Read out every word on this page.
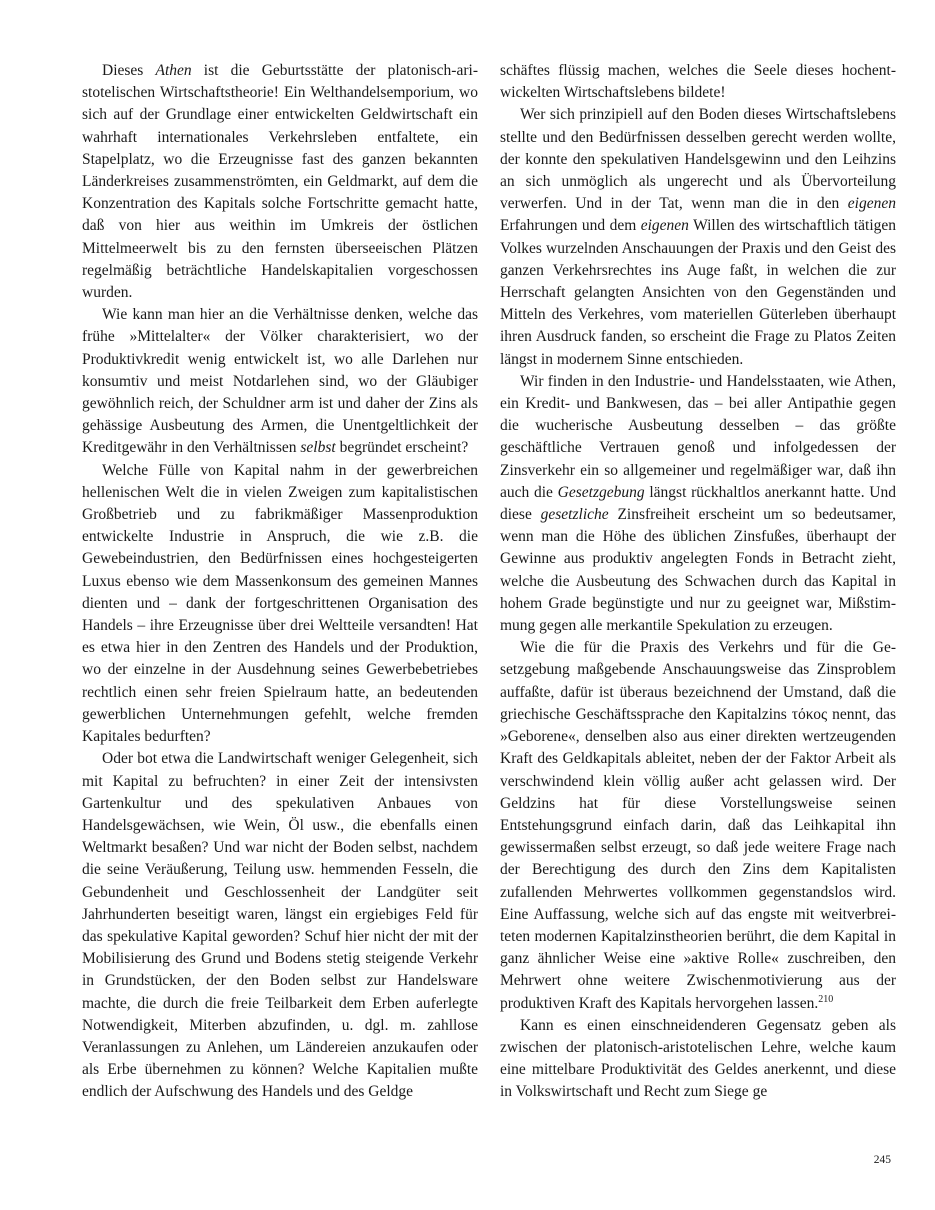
Dieses Athen ist die Geburtsstätte der platonisch-aristotelischen Wirtschaftstheorie! Ein Welthandelsemporium, wo sich auf der Grundlage einer entwickelten Geldwirtschaft ein wahrhaft internationales Verkehrsleben entfaltete, ein Stapelplatz, wo die Erzeugnisse fast des ganzen bekannten Länderkreises zusammenströmten, ein Geldmarkt, auf dem die Konzentration des Kapitals solche Fortschritte gemacht hatte, daß von hier aus weithin im Umkreis der östlichen Mittelmeerwelt bis zu den fernsten überseeischen Plätzen regelmäßig beträchtliche Handelskapitalien vorgeschossen wurden.

Wie kann man hier an die Verhältnisse denken, welche das frühe »Mittelalter« der Völker charakterisiert, wo der Produktivkredit wenig entwickelt ist, wo alle Darlehen nur konsumtiv und meist Notdarlehen sind, wo der Gläubiger gewöhnlich reich, der Schuldner arm ist und daher der Zins als gehässige Ausbeutung des Armen, die Unentgeltlichkeit der Kreditgewähr in den Verhältnissen selbst begründet erscheint?

Welche Fülle von Kapital nahm in der gewerbreichen hellenischen Welt die in vielen Zweigen zum kapitalistischen Großbetrieb und zu fabrikmäßiger Massenproduktion entwickelte Industrie in Anspruch, die wie z.B. die Gewebeindustrien, den Bedürfnissen eines hochgesteigerten Luxus ebenso wie dem Massenkonsum des gemeinen Mannes dienten und – dank der fortgeschrittenen Organisation des Handels – ihre Erzeugnisse über drei Weltteile versandten! Hat es etwa hier in den Zentren des Handels und der Produktion, wo der einzelne in der Ausdehnung seines Gewerbebetriebes rechtlich einen sehr freien Spielraum hatte, an bedeutenden gewerblichen Unternehmungen gefehlt, welche fremden Kapitales bedurften?

Oder bot etwa die Landwirtschaft weniger Gelegenheit, sich mit Kapital zu befruchten? in einer Zeit der intensivsten Gartenkultur und des spekulativen Anbaues von Handelsgewächsen, wie Wein, Öl usw., die ebenfalls einen Weltmarkt besaßen? Und war nicht der Boden selbst, nachdem die seine Veräußerung, Teilung usw. hemmenden Fesseln, die Gebundenheit und Geschlossenheit der Landgüter seit Jahrhunderten beseitigt waren, längst ein ergiebiges Feld für das spekulative Kapital geworden? Schuf hier nicht der mit der Mobilisierung des Grund und Bodens stetig steigende Verkehr in Grundstücken, der den Boden selbst zur Handelsware machte, die durch die freie Teilbarkeit dem Erben auferlegte Notwendigkeit, Miterben abzufinden, u. dgl. m. zahllose Veranlassungen zu Anlehen, um Ländereien anzukaufen oder als Erbe übernehmen zu können? Welche Kapitalien mußte endlich der Aufschwung des Handels und des Geldge

schäftes flüssig machen, welches die Seele dieses hochentwickelten Wirtschaftslebens bildete!

Wer sich prinzipiell auf den Boden dieses Wirtschaftslebens stellte und den Bedürfnissen desselben gerecht werden wollte, der konnte den spekulativen Handelsgewinn und den Leihzins an sich unmöglich als ungerecht und als Übervorteilung verwerfen. Und in der Tat, wenn man die in den eigenen Erfahrungen und dem eigenen Willen des wirtschaftlich tätigen Volkes wurzelnden Anschauungen der Praxis und den Geist des ganzen Verkehrsrechtes ins Auge faßt, in welchen die zur Herrschaft gelangten Ansichten von den Gegenständen und Mitteln des Verkehres, vom materiellen Güterleben überhaupt ihren Ausdruck fanden, so erscheint die Frage zu Platos Zeiten längst in modernem Sinne entschieden.

Wir finden in den Industrie- und Handelsstaaten, wie Athen, ein Kredit- und Bankwesen, das – bei aller Antipathie gegen die wucherische Ausbeutung desselben – das größte geschäftliche Vertrauen genoß und infolgedessen der Zinsverkehr ein so allgemeiner und regelmäßiger war, daß ihn auch die Gesetzgebung längst rückhaltlos anerkannt hatte. Und diese gesetzliche Zinsfreiheit erscheint um so bedeutsamer, wenn man die Höhe des üblichen Zinsfußes, überhaupt der Gewinne aus produktiv angelegten Fonds in Betracht zieht, welche die Ausbeutung des Schwachen durch das Kapital in hohem Grade begünstigte und nur zu geeignet war, Mißstimmung gegen alle merkantile Spekulation zu erzeugen.

Wie die für die Praxis des Verkehrs und für die Gesetzgebung maßgebende Anschauungsweise das Zinsproblem auffaßte, dafür ist überaus bezeichnend der Umstand, daß die griechische Geschäftssprache den Kapitalzins τόκος nennt, das »Geborene«, denselben also aus einer direkten wertzeugenden Kraft des Geldkapitals ableitet, neben der der Faktor Arbeit als verschwindend klein völlig außer acht gelassen wird. Der Geldzins hat für diese Vorstellungsweise seinen Entstehungsgrund einfach darin, daß das Leihkapital ihn gewissermaßen selbst erzeugt, so daß jede weitere Frage nach der Berechtigung des durch den Zins dem Kapitalisten zufallenden Mehrwertes vollkommen gegenstandslos wird. Eine Auffassung, welche sich auf das engste mit weitverbreiteten modernen Kapitalzinstheorien berührt, die dem Kapital in ganz ähnlicher Weise eine »aktive Rolle« zuschreiben, den Mehrwert ohne weitere Zwischenmotivierung aus der produktiven Kraft des Kapitals hervorgehen lassen.$^{210}$

Kann es einen einschneidenderen Gegensatz geben als zwischen der platonisch-aristotelischen Lehre, welche kaum eine mittelbare Produktivität des Geldes anerkennt, und diese in Volkswirtschaft und Recht zum Siege ge

245
